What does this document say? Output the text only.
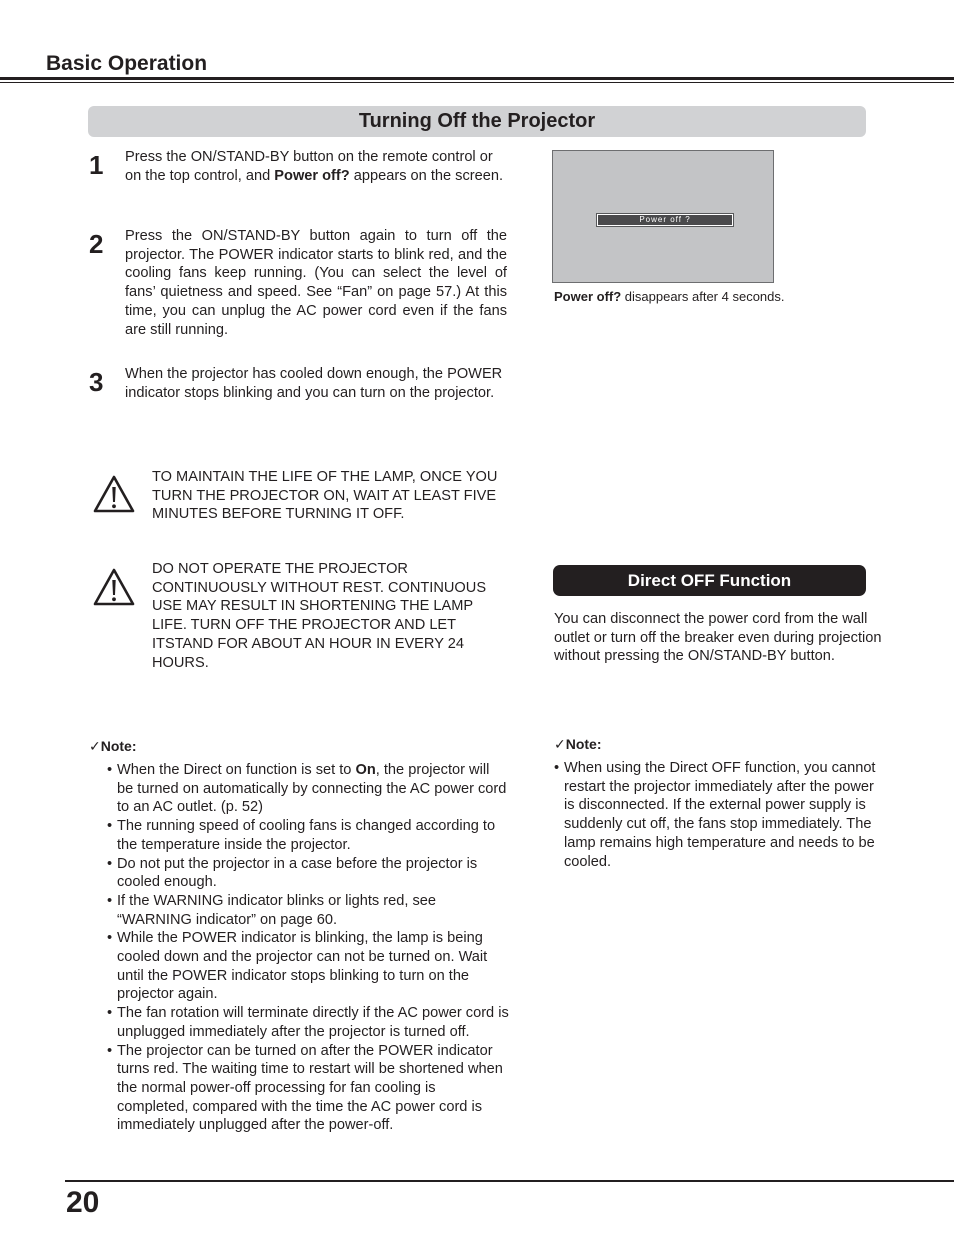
Basic Operation
Turning Off the Projector
1 Press the ON/STAND-BY button on the remote control or on the top control, and Power off? appears on the screen.
2 Press the ON/STAND-BY button again to turn off the projector. The POWER indicator starts to blink red, and the cooling fans keep running. (You can select the level of fans’ quietness and speed. See “Fan” on page 57.) At this time, you can unplug the AC power cord even if the fans are still running.
3 When the projector has cooled down enough, the POWER indicator stops blinking and you can turn on the projector.
Power off ?
Power off? disappears after 4 seconds.
TO MAINTAIN THE LIFE OF THE LAMP, ONCE YOU TURN THE PROJECTOR ON, WAIT AT LEAST FIVE MINUTES BEFORE TURNING IT OFF.
DO NOT OPERATE THE PROJECTOR CONTINUOUSLY WITHOUT REST. CONTINUOUS USE MAY RESULT IN SHORTENING THE LAMP LIFE. TURN OFF THE PROJECTOR AND LET ITSTAND FOR ABOUT AN HOUR IN EVERY 24 HOURS.
Direct OFF Function
You can disconnect the power cord from the wall outlet or turn off the breaker even during projection without pressing the ON/STAND-BY button.
✓Note:
• When the Direct on function is set to On, the projector will be turned on automatically by connecting the AC power cord to an AC outlet. (p. 52)
• The running speed of cooling fans is changed according to the temperature inside the projector.
• Do not put the projector in a case before the projector is cooled enough.
• If the WARNING indicator blinks or lights red, see “WARNING indicator” on page 60.
• While the POWER indicator is blinking, the lamp is being cooled down and the projector can not be turned on. Wait until the POWER indicator stops blinking to turn on the projector again.
• The fan rotation will terminate directly if the AC power cord is unplugged immediately after the projector is turned off.
• The projector can be turned on after the POWER indicator turns red. The waiting time to restart will be shortened when the normal power-off processing for fan cooling is completed, compared with the time the AC power cord is immediately unplugged after the power-off.
✓Note:
• When using the Direct OFF function, you cannot restart the projector immediately after the power is disconnected. If the external power supply is suddenly cut off, the fans stop immediately. The lamp remains high temperature and needs to be cooled.
20
